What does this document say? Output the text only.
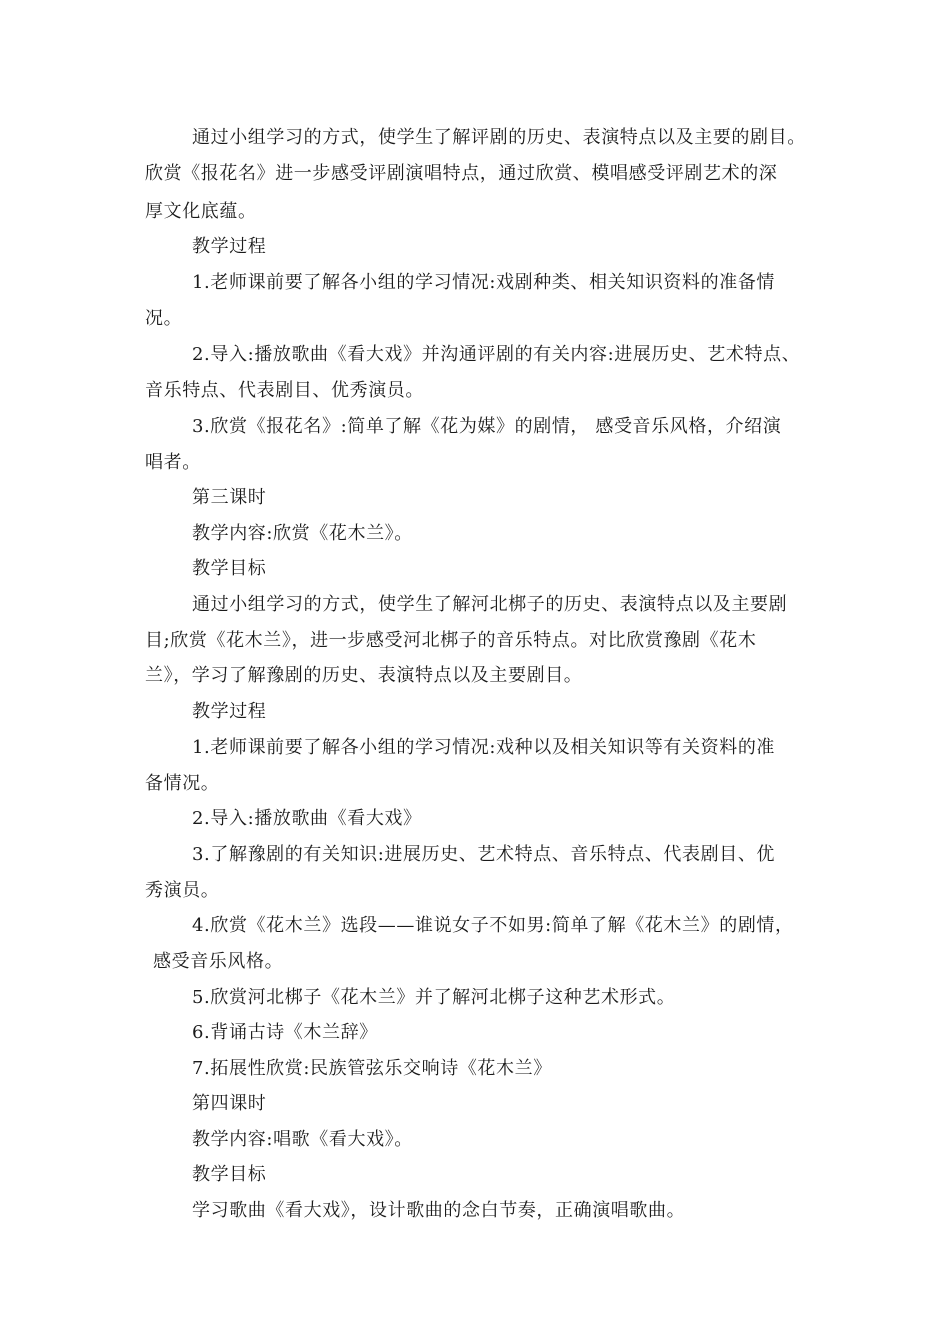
通过小组学习的方式，使学生了解评剧的历史、表演特点以及主要的剧目。
欣赏《报花名》进一步感受评剧演唱特点，通过欣赏、模唱感受评剧艺术的深
厚文化底蕴。
教学过程
1.老师课前要了解各小组的学习情况:戏剧种类、相关知识资料的准备情
况。
2.导入:播放歌曲《看大戏》并沟通评剧的有关内容:进展历史、艺术特点、
音乐特点、代表剧目、优秀演员。
3.欣赏《报花名》:简单了解《花为媒》的剧情， 感受音乐风格，介绍演
唱者。
第三课时
教学内容:欣赏《花木兰》。
教学目标
通过小组学习的方式，使学生了解河北梆子的历史、表演特点以及主要剧
目;欣赏《花木兰》，进一步感受河北梆子的音乐特点。对比欣赏豫剧《花木
兰》，学习了解豫剧的历史、表演特点以及主要剧目。
教学过程
1.老师课前要了解各小组的学习情况:戏种以及相关知识等有关资料的准
备情况。
2.导入:播放歌曲《看大戏》
3.了解豫剧的有关知识:进展历史、艺术特点、音乐特点、代表剧目、优
秀演员。
4.欣赏《花木兰》选段——谁说女子不如男:简单了解《花木兰》的剧情，
感受音乐风格。
5.欣赏河北梆子《花木兰》并了解河北梆子这种艺术形式。
6.背诵古诗《木兰辞》
7.拓展性欣赏:民族管弦乐交响诗《花木兰》
第四课时
教学内容:唱歌《看大戏》。
教学目标
学习歌曲《看大戏》，设计歌曲的念白节奏，正确演唱歌曲。
